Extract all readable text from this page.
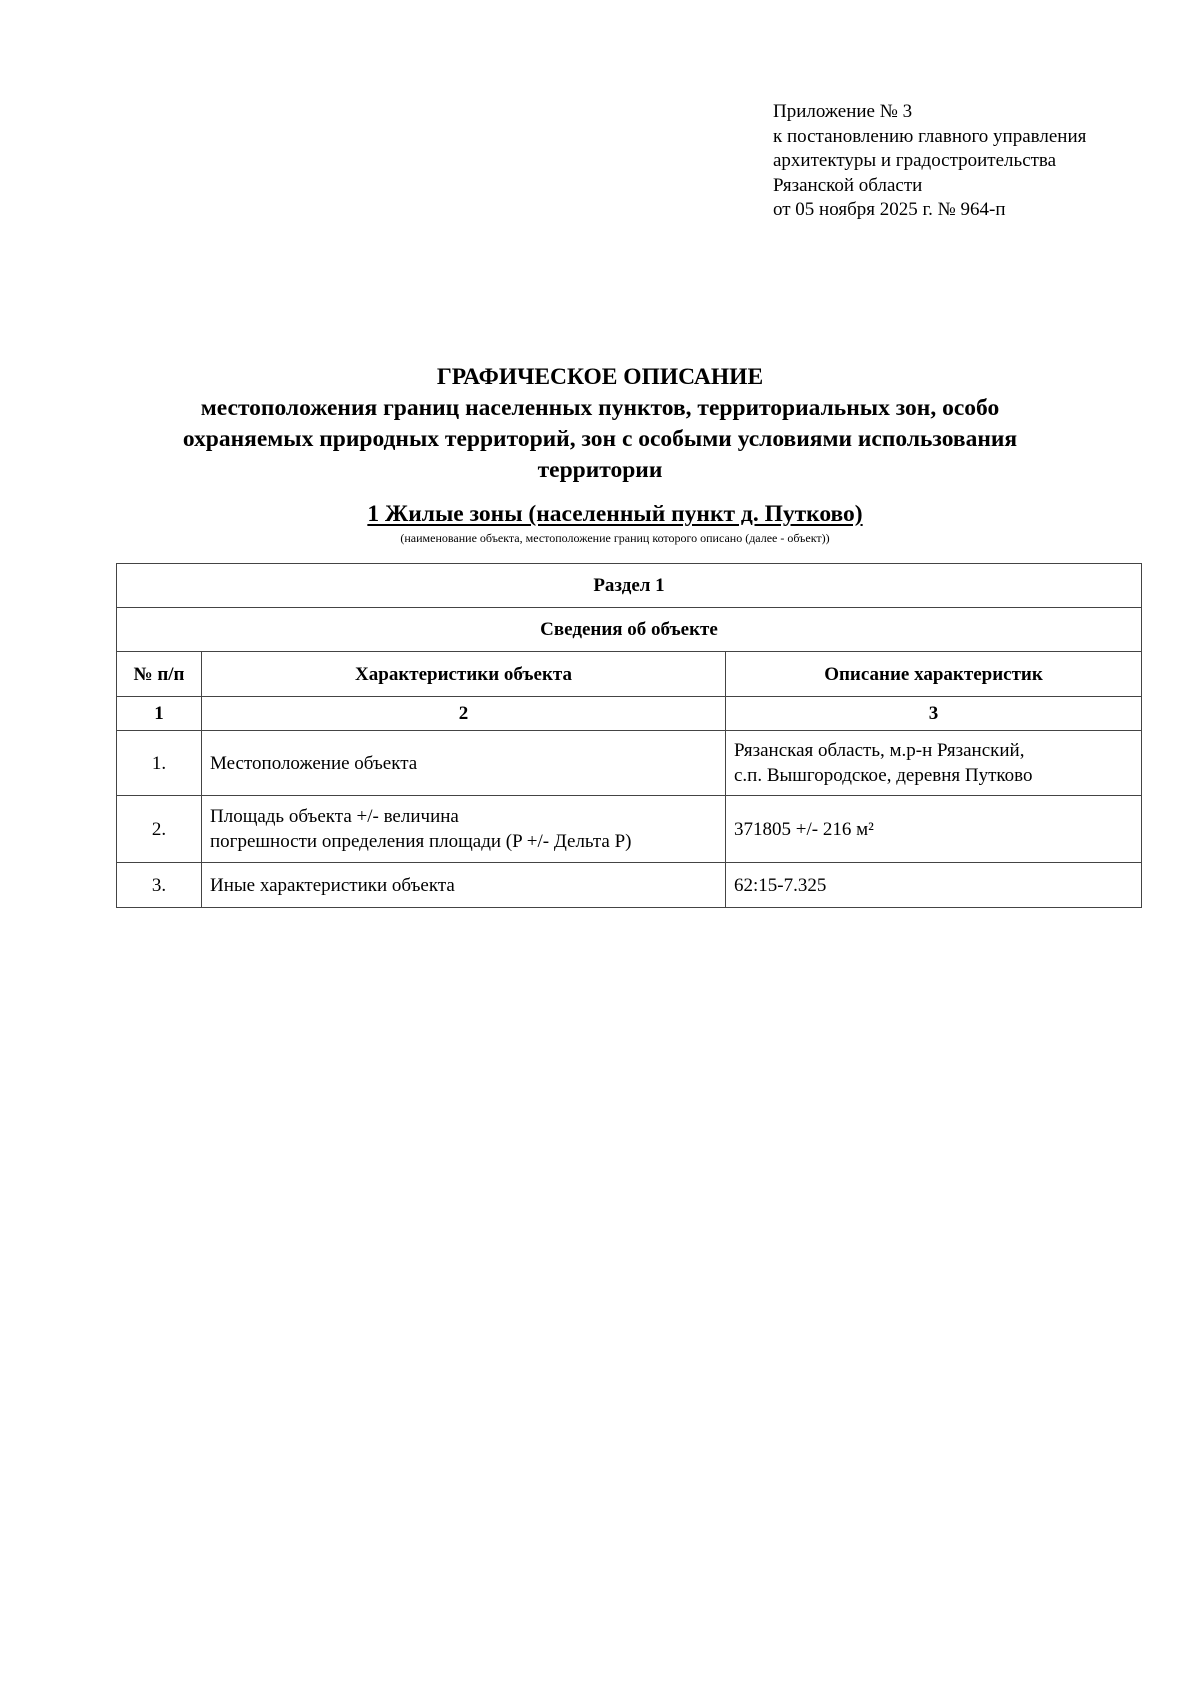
Приложение № 3
к постановлению главного управления
архитектуры и градостроительства
Рязанской области
от 05 ноября 2025 г. № 964-п
ГРАФИЧЕСКОЕ ОПИСАНИЕ
местоположения границ населенных пунктов, территориальных зон, особо
охраняемых природных территорий, зон с особыми условиями использования
территории
1 Жилые зоны (населенный пункт д. Путково)
(наименование объекта, местоположение границ которого описано (далее - объект))
Раздел 1		
Сведения об объекте		
№ п/п	Характеристики объекта	Описание характеристик
1	2	3
1.	Местоположение объекта	Рязанская область, м.р-н Рязанский,
с.п. Вышгородское, деревня Путково

2.	Площадь объекта +/- величина
погрешности определения площади (P +/- Дельта P)	371805 +/- 216 м²
3.	Иные характеристики объекта	62:15-7.325
